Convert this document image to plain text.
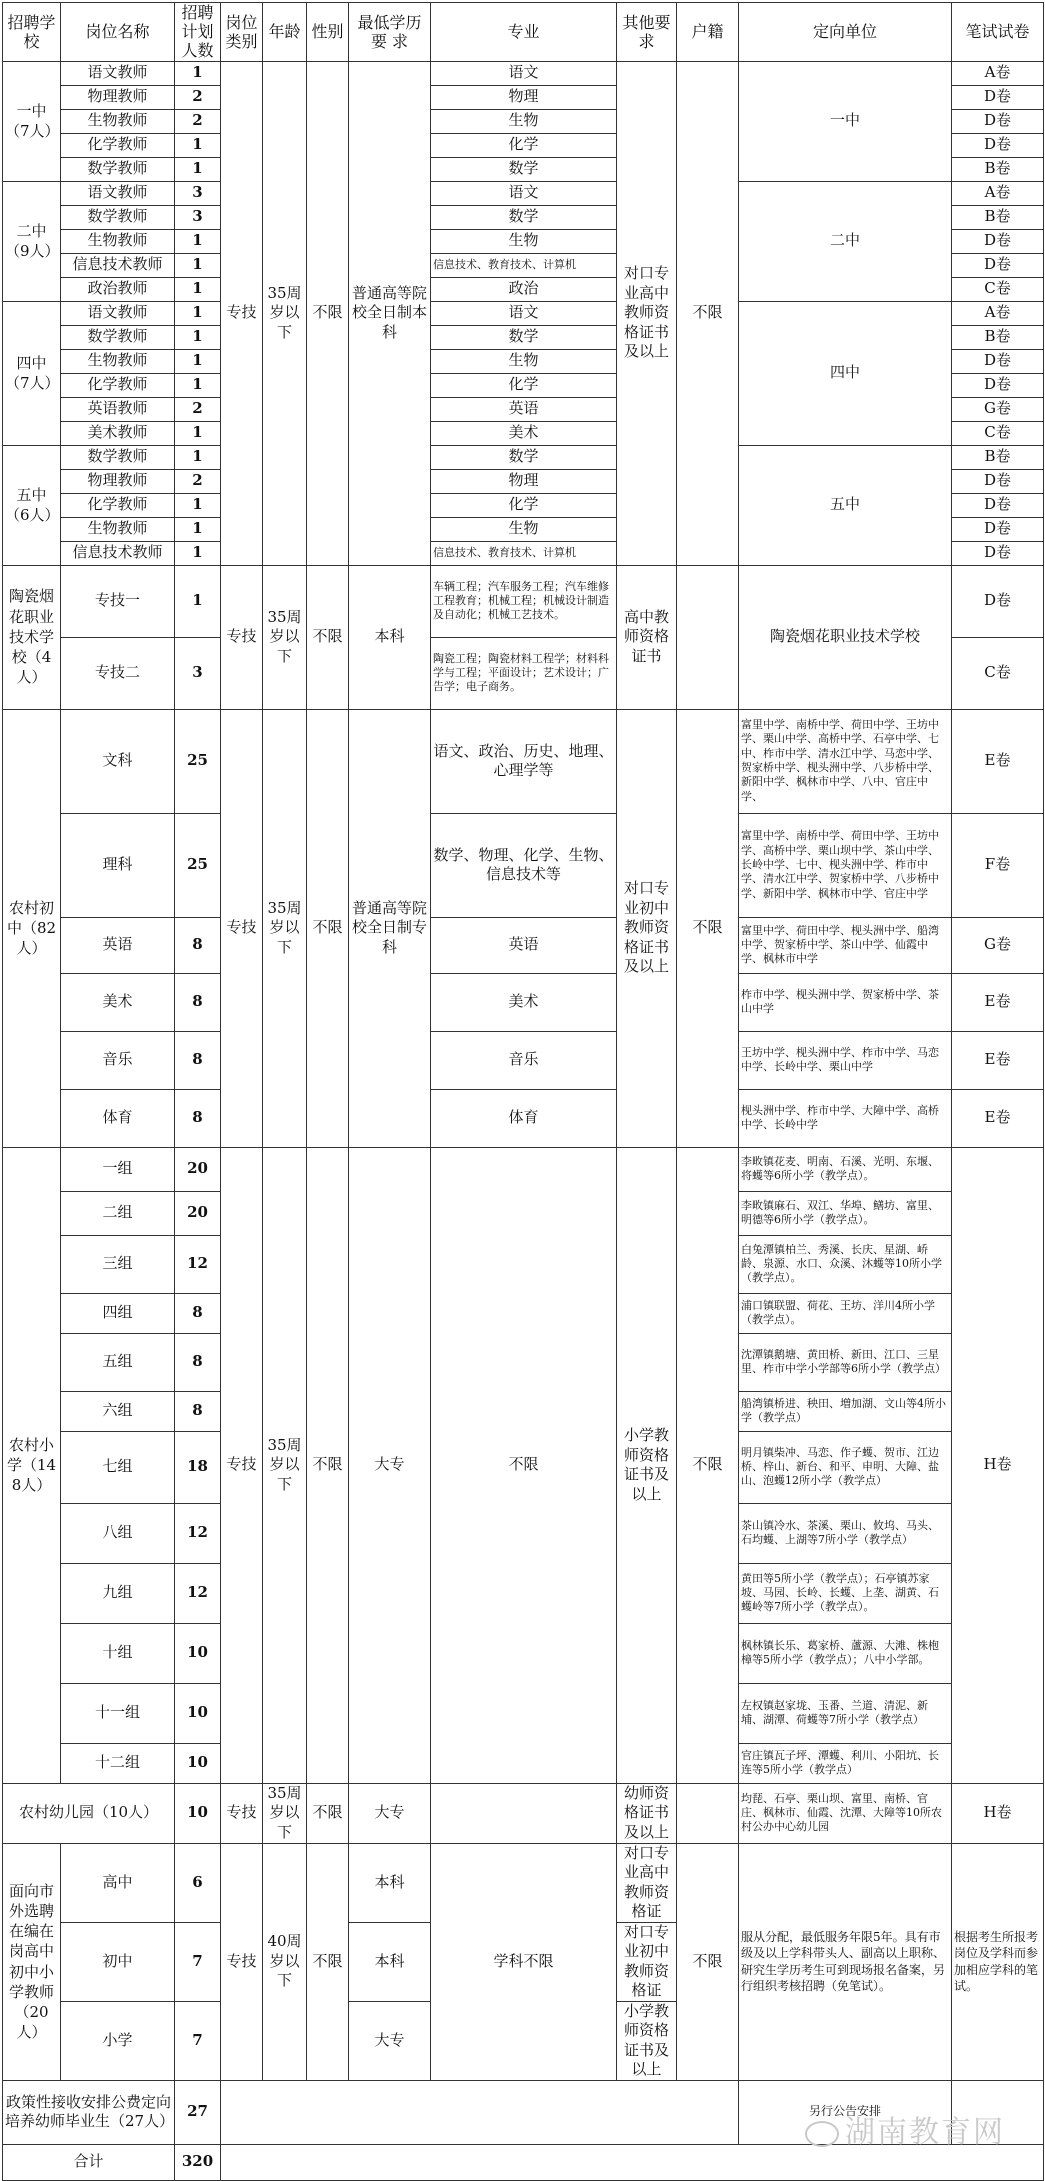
招聘学校	岗位名称	招聘计划人数	岗位类别	年龄	性别	最低学历要 求	专业	其他要求	户籍	定向单位	笔试试卷
一中（7人）	语文教师	1	专技	35周岁以下	不限	普通高等院校全日制本科	语文	对口专业高中教师资格证书及以上	不限	一中	A卷
	物理教师	2					物理				D卷
	生物教师	2					生物				D卷
	化学教师	1					化学				D卷
	数学教师	1					数学				B卷
二中（9人）	语文教师	3					语文			二中	A卷
	数学教师	3					数学				B卷
	生物教师	1					生物				D卷
	信息技术教师	1					信息技术、教育技术、计算机				D卷
	政治教师	1					政治				C卷
四中（7人）	语文教师	1					语文			四中	A卷
	数学教师	1					数学				B卷
	生物教师	1					生物				D卷
	化学教师	1					化学				D卷
	英语教师	2					英语				G卷
	美术教师	1					美术				C卷
五中（6人）	数学教师	1					数学			五中	B卷
	物理教师	2					物理				D卷
	化学教师	1					化学				D卷
	生物教师	1					生物				D卷
	信息技术教师	1					信息技术、教育技术、计算机				D卷
陶瓷烟花职业技术学校（4人）	专技一	1	专技	35周岁以下	不限	本科	车辆工程；汽车服务工程；汽车维修工程教育；机械工程；机械设计制造及自动化；机械工艺技术。	高中教师资格证书		陶瓷烟花职业技术学校	D卷
	专技二	3					陶瓷工程；陶瓷材料工程学；材料科学与工程；平面设计；艺术设计；广告学；电子商务。				C卷
农村初中（82人）	文科	25	专技	35周岁以下	不限	普通高等院校全日制专科	语文、政治、历史、地理、心理学等	对口专业初中教师资格证书及以上	不限	富里中学、南桥中学、荷田中学、王坊中学、栗山中学、高桥中学、石亭中学、七中、柞市中学、清水江中学、马恋中学、贺家桥中学、枧头洲中学、八步桥中学、新阳中学、枫林市中学、八中、官庄中学、	E卷
	理科	25					数学、物理、化学、生物、信息技术等			富里中学、南桥中学、荷田中学、王坊中学、高桥中学、栗山坝中学、茶山中学、长岭中学、七中、枧头洲中学、柞市中学、清水江中学、贺家桥中学、八步桥中学、新阳中学、枫林市中学、官庄中学	F卷
	英语	8					英语			富里中学、荷田中学、枧头洲中学、船湾中学、贺家桥中学、茶山中学、仙霞中学、枫林市中学	G卷
	美术	8					美术			柞市中学、枧头洲中学、贺家桥中学、茶山中学	E卷
	音乐	8					音乐			王坊中学、枧头洲中学、柞市中学、马恋中学、长岭中学、栗山中学	E卷
	体育	8					体育			枧头洲中学、柞市中学、大障中学、高桥中学、长岭中学	E卷
农村小学（148人）	一组	20	专技	35周岁以下	不限	大专	不限	小学教师资格证书及以上	不限	李畋镇花麦、明南、石溪、光明、东堰、将蠖等6所小学（教学点）。	H卷
	二组	20								李畋镇麻石、双江、华埠、鳝坊、富里、明德等6所小学（教学点）。	
	三组	12								白兔潭镇柏兰、秀溪、长庆、星湖、峤龄、泉源、水口、众溪、沐蠖等10所小学（教学点）。	
	四组	8								浦口镇联盟、荷花、王坊、洋川4所小学（教学点）。	
	五组	8								沈潭镇鹅塘、黄田桥、新田、江口、三星里、柞市中学小学部等6所小学（教学点）	
	六组	8								船湾镇桥进、秧田、増加湖、文山等4所小学（教学点）	
	七组	18								明月镇柴冲、马恋、作子蠖、贺市、江边桥、梓山、新台、和平、申明、大障、盐山、泡蠖12所小学（教学点）	
	八组	12								茶山镇冷水、茶溪、栗山、攸坞、马头、石均蠖、上湖等7所小学（教学点）	
	九组	12								黄田等5所小学（教学点）；石亭镇苏家坡、马园、长岭、长蠖、上垄、湖黄、石蠖岭等7所小学（教学点）。	
	十组	10								枫林镇长乐、葛家桥、蘆源、大滩、株枹樟等5所小学（教学点）；八中小学部。	
	十一组	10								左权镇赵家垅、玉番、兰道、清泥、新埔、湖潭、荷蠖等7所小学（教学点）	
	十二组	10								官庄镇瓦子坪、潭蠖、利川、小阳坑、长连等5所小学（教学点）	
农村幼儿园（10人）		10	专技	35周岁以下	不限	大专		幼师资格证书及以上		均琵、石亭、栗山坝、富里、南桥、官庄、枫林市、仙霞、沈潭、大障等10所农村公办中心幼儿园	H卷
面向市外选聘在编在岗高中初中小学教师（20人）	高中	6	专技	40周岁以下	不限	本科	学科不限	对口专业高中教师资格证	不限	服从分配，最低服务年限5年。具有市级及以上学科带头人、副高以上职称、研究生学历考生可到现场报名备案，另行组织考核招聘（免笔试）。	根据考生所报考岗位及学科而参加相应学科的笔试。
	初中	7				本科		对口专业初中教师资格证			
	小学	7				大专		小学教师资格证书及以上			
政策性接收安排公费定向培养幼师毕业生（27人）		27								另行公告安排	
合计		320									
湖南教育网
